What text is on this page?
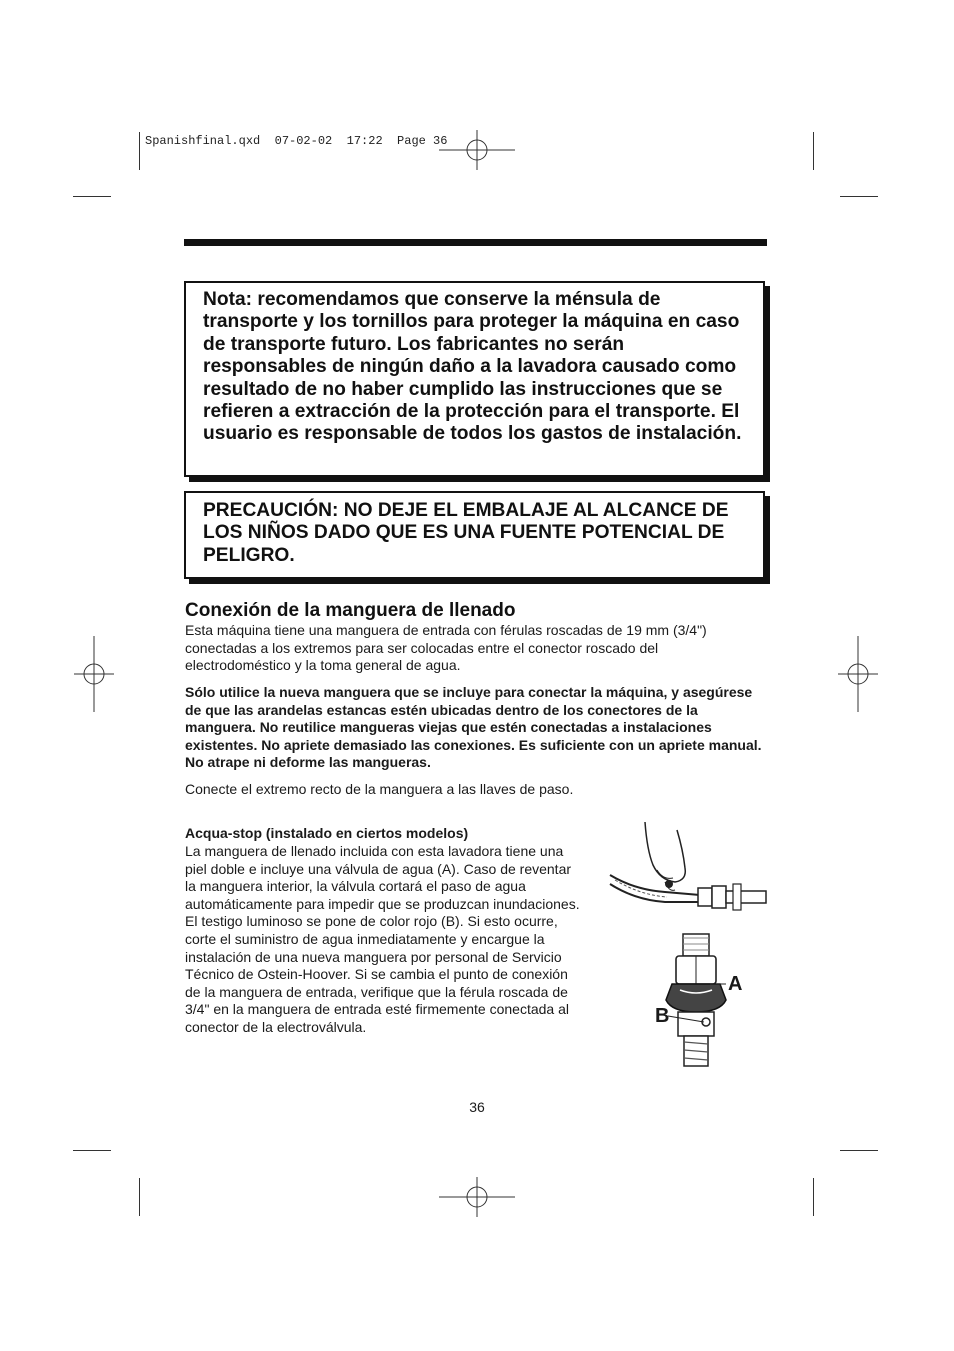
Spanishfinal.qxd  07-02-02  17:22  Page 36
Nota: recomendamos que conserve la ménsula de transporte y los tornillos para proteger la máquina en caso de transporte futuro. Los fabricantes no serán responsables de ningún daño a la lavadora causado como resultado de no haber cumplido las instrucciones que se refieren a extracción de la protección para el transporte. El usuario es responsable de todos los gastos de instalación.
PRECAUCIÓN: NO DEJE EL EMBALAJE AL ALCANCE DE LOS NIÑOS DADO QUE ES UNA FUENTE POTENCIAL DE PELIGRO.
Conexión de la manguera de llenado
Esta máquina tiene una manguera de entrada con férulas roscadas de 19 mm (3/4") conectadas a los extremos para ser colocadas entre el conector roscado del electrodoméstico y la toma general de agua.
Sólo utilice la nueva manguera que se incluye para conectar la máquina, y asegúrese de que las arandelas estancas estén ubicadas dentro de los conectores de la manguera. No reutilice mangueras viejas que estén conectadas a instalaciones existentes. No apriete demasiado las conexiones. Es suficiente con un apriete manual. No atrape ni deforme las mangueras.
Conecte el extremo recto de la manguera a las llaves de paso.
Acqua-stop (instalado en ciertos modelos)
La manguera de llenado incluida con esta lavadora tiene una piel doble e incluye una válvula de agua (A). Caso de reventar la manguera interior, la válvula cortará el paso de agua automáticamente para impedir que se produzcan inundaciones. El testigo luminoso se pone de color rojo (B). Si esto ocurre, corte el suministro de agua inmediatamente y encargue la instalación de una nueva manguera por personal de Servicio Técnico de Ostein-Hoover. Si se cambia el punto de conexión de la manguera de entrada, verifique que la férula roscada de 3/4" en la manguera de entrada esté firmemente conectada al conector de la electroválvula.
A
B
36
